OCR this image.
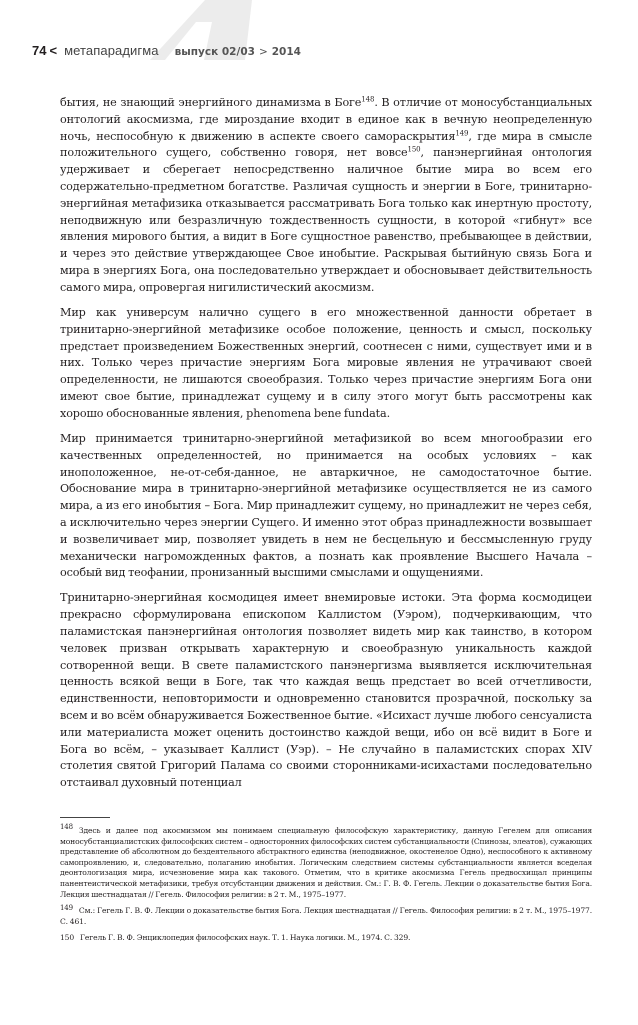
74 < метапарадигма выпуск 02/03 > 2014

бытия, не знающий энергийного динамизма в Боге$^{148}$. В отличие от моносубстанциальных онтологий акосмизма, где мироздание входит в единое как в вечную неопределенную ночь, неспособную к движению в аспекте своего самораскрытия$^{149}$, где мира в смысле положительного сущего, собственно говоря, нет вовсе$^{150}$, панэнергийная онтология удерживает и сберегает непосредственно наличное бытие мира во всем его содержательно-предметном богатстве. Различая сущность и энергии в Боге, тринитарно-энергийная метафизика отказывается рассматривать Бога только как инертную простоту, неподвижную или безразличную тождественность сущности, в которой «гибнут» все явления мирового бытия, а видит в Боге сущностное равенство, пребывающее в действии, и через это действие утверждающее Свое инобытие. Раскрывая бытийную связь Бога и мира в энергиях Бога, она последовательно утверждает и обосновывает действительность самого мира, опровергая нигилистический акосмизм.

Мир как универсум налично сущего в его множественной данности обретает в тринитарно-энергийной метафизике особое положение, ценность и смысл, поскольку предстает произведением Божественных энергий, соотнесен с ними, существует ими и в них. Только через причастие энергиям Бога мировые явления не утрачивают своей определенности, не лишаются своеобразия. Только через причастие энергиям Бога они имеют свое бытие, принадлежат сущему и в силу этого могут быть рассмотрены как хорошо обоснованные явления, phenomena bene fundata.

Мир принимается тринитарно-энергийной метафизикой во всем многообразии его качественных определенностей, но принимается на особых условиях – как иноположенное, не-от-себя-данное, не автаркичное, не самодостаточное бытие. Обоснование мира в тринитарно-энергийной метафизике осуществляется не из самого мира, а из его инобытия – Бога. Мир принадлежит сущему, но принадлежит не через себя, а исключительно через энергии Сущего. И именно этот образ принадлежности возвышает и возвеличивает мир, позволяет увидеть в нем не бесцельную и бессмысленную груду механически нагроможденных фактов, а познать как проявление Высшего Начала – особый вид теофании, пронизанный высшими смыслами и ощущениями.

Тринитарно-энергийная космодицея имеет внемировые истоки. Эта форма космодицеи прекрасно сформулирована епископом Каллистом (Уэром), подчеркивающим, что паламистская панэнергийная онтология позволяет видеть мир как таинство, в котором человек призван открывать характерную и своеобразную уникальность каждой сотворенной вещи. В свете паламистского панэнергизма выявляется исключительная ценность всякой вещи в Боге, так что каждая вещь предстает во всей отчетливости, единственности, неповторимости и одновременно становится прозрачной, поскольку за всем и во всём обнаруживается Божественное бытие. «Исихаст лучше любого сенсуалиста или материалиста может оценить достоинство каждой вещи, ибо он всё видит в Боге и Бога во всём, – указывает Каллист (Уэр). – Не случайно в паламистских спорах XIV столетия святой Григорий Палама со своими сторонниками-исихастами последовательно отстаивал духовный потенциал

$^{148}$ Здесь и далее под акосмизмом мы понимаем специальную философскую характеристику, данную Гегелем для описания моносубстанциалистских философских систем – односторонних философских систем субстанциальности (Спинозы, элеатов), сужающих представление об абсолютном до бездеятельного абстрактного единства (неподвижное, окостенелое Одно), неспособного к активному самопроявлению, и, следовательно, полаганию инобытия. Логическим следствием системы субстанциальности является вседелая деонтологизация мира, исчезновение мира как такового. Отметим, что в критике акосмизма Гегель предвосхищал принципы панентеистической метафизики, требуя отсубстанции движения и действия. См.: Г. В. Ф. Гегель. Лекции о доказательстве бытия Бога. Лекция шестнадцатая // Гегель. Философия религии: в 2 т. М., 1975–1977.
$^{149}$ См.: Гегель Г. В. Ф. Лекции о доказательстве бытия Бога. Лекция шестнадцатая // Гегель. Философия религии: в 2 т. М., 1975–1977. С. 461.
150 Гегель Г. В. Ф. Энциклопедия философских наук. Т. 1. Наука логики. М., 1974. С. 329.
